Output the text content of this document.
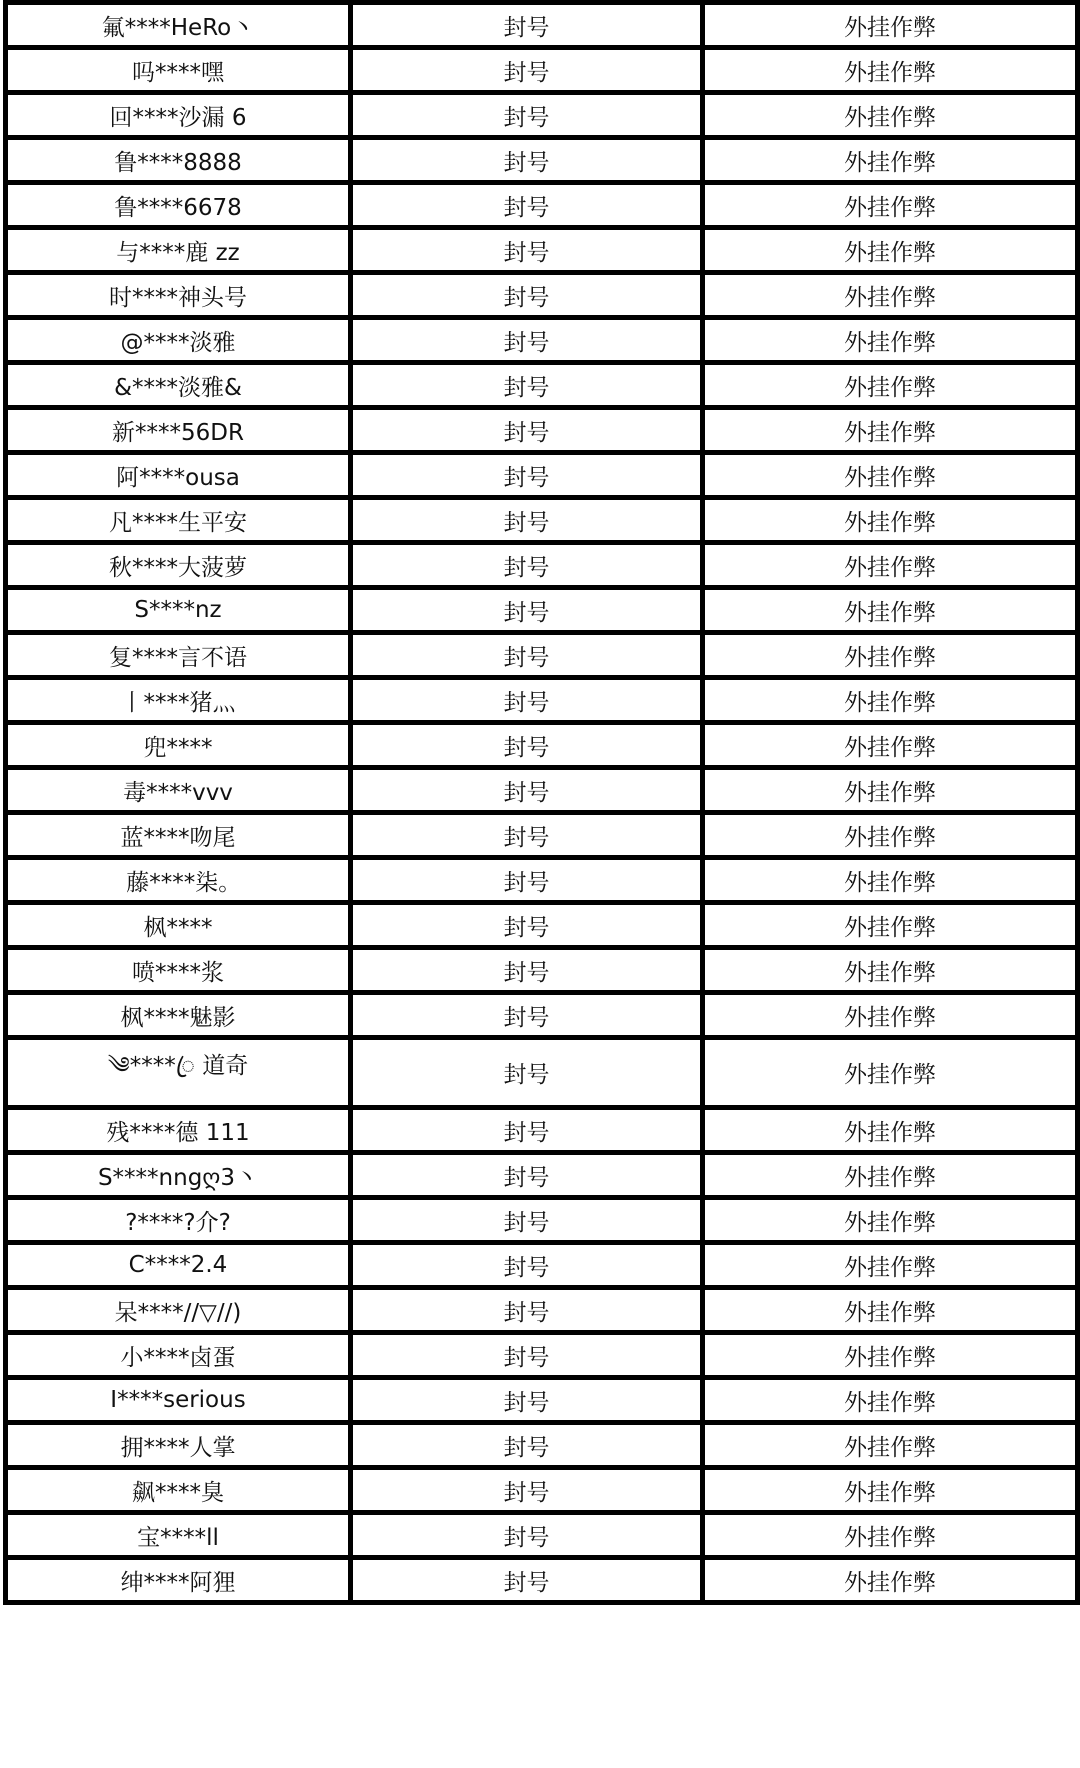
氟****HeRo丶	封号	外挂作弊
吗****嘿	封号	外挂作弊
回****沙漏 6	封号	外挂作弊
鲁****8888	封号	外挂作弊
鲁****6678	封号	外挂作弊
与****鹿 zz	封号	外挂作弊
时****神头号	封号	外挂作弊
@****淡雅	封号	外挂作弊
&****淡雅&	封号	外挂作弊
新****56DR	封号	外挂作弊
阿****ousa	封号	外挂作弊
凡****生平安	封号	外挂作弊
秋****大菠萝	封号	外挂作弊
S****nz	封号	外挂作弊
复****言不语	封号	外挂作弊
丨****猪灬	封号	外挂作弊
兜****	封号	外挂作弊
毒****vvv	封号	外挂作弊
蓝****吻尾	封号	外挂作弊
藤****柒｡	封号	外挂作弊
枫****	封号	外挂作弊
喷****浆	封号	外挂作弊
枫****魅影	封号	外挂作弊
༄****ꦿ 道奇	封号	外挂作弊
残****德 111	封号	外挂作弊
S****nngღ3丶	封号	外挂作弊
?****?介?	封号	外挂作弊
C****2.4	封号	外挂作弊
呆****//▽//)	封号	外挂作弊
小****卤蛋	封号	外挂作弊
I****serious	封号	外挂作弊
拥****人掌	封号	外挂作弊
飙****臭	封号	外挂作弊
宝****ll	封号	外挂作弊
绅****阿狸	封号	外挂作弊
